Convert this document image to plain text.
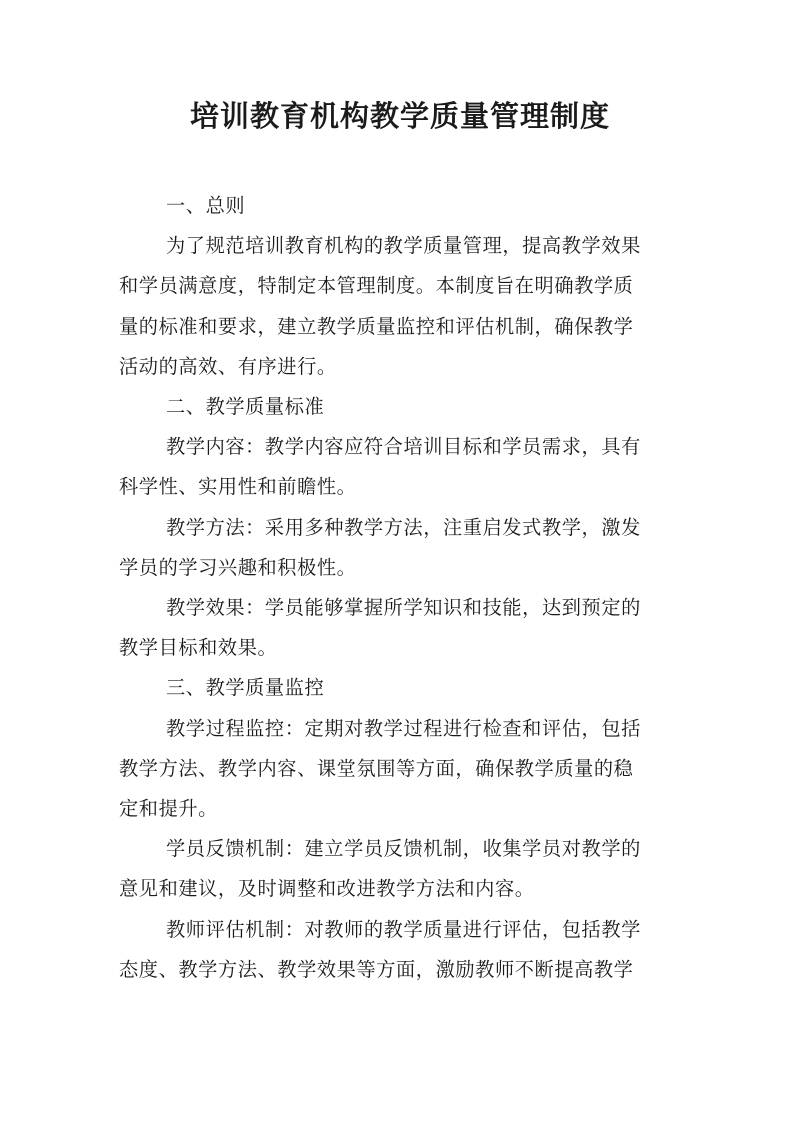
培训教育机构教学质量管理制度

一、总则

为了规范培训教育机构的教学质量管理，提高教学效果
和学员满意度，特制定本管理制度。本制度旨在明确教学质
量的标准和要求，建立教学质量监控和评估机制，确保教学
活动的高效、有序进行。

二、教学质量标准

教学内容：教学内容应符合培训目标和学员需求，具有
科学性、实用性和前瞻性。

教学方法：采用多种教学方法，注重启发式教学，激发
学员的学习兴趣和积极性。

教学效果：学员能够掌握所学知识和技能，达到预定的
教学目标和效果。

三、教学质量监控

教学过程监控：定期对教学过程进行检查和评估，包括
教学方法、教学内容、课堂氛围等方面，确保教学质量的稳
定和提升。

学员反馈机制：建立学员反馈机制，收集学员对教学的
意见和建议，及时调整和改进教学方法和内容。

教师评估机制：对教师的教学质量进行评估，包括教学
态度、教学方法、教学效果等方面，激励教师不断提高教学
